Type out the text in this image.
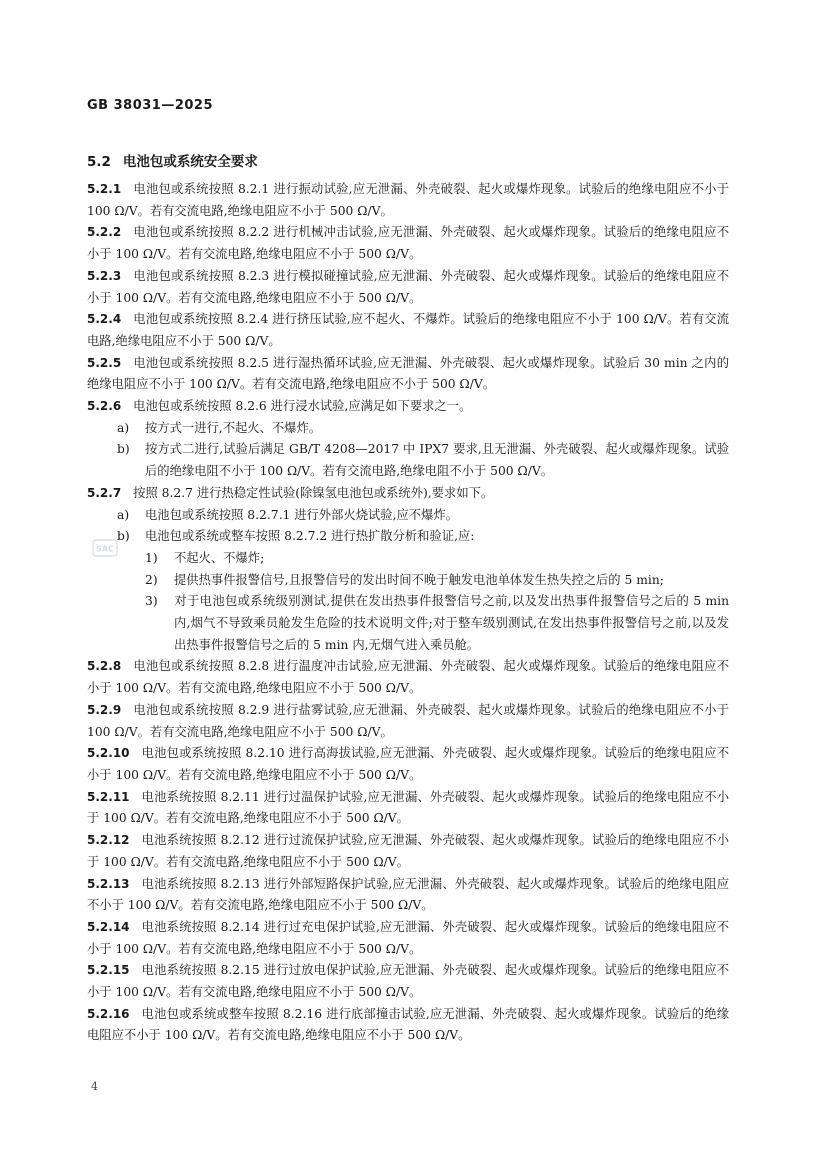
GB 38031—2025
5.2 电池包或系统安全要求
SAC

5.2.1 电池包或系统按照 8.2.1 进行振动试验,应无泄漏、外壳破裂、起火或爆炸现象。试验后的绝缘电阻应不小于 100 Ω/V。若有交流电路,绝缘电阻应不小于 500 Ω/V。

5.2.2 电池包或系统按照 8.2.2 进行机械冲击试验,应无泄漏、外壳破裂、起火或爆炸现象。试验后的绝缘电阻应不小于 100 Ω/V。若有交流电路,绝缘电阻应不小于 500 Ω/V。

5.2.3 电池包或系统按照 8.2.3 进行模拟碰撞试验,应无泄漏、外壳破裂、起火或爆炸现象。试验后的绝缘电阻应不小于 100 Ω/V。若有交流电路,绝缘电阻应不小于 500 Ω/V。

5.2.4 电池包或系统按照 8.2.4 进行挤压试验,应不起火、不爆炸。试验后的绝缘电阻应不小于 100 Ω/V。若有交流电路,绝缘电阻应不小于 500 Ω/V。

5.2.5 电池包或系统按照 8.2.5 进行湿热循环试验,应无泄漏、外壳破裂、起火或爆炸现象。试验后 30 min 之内的绝缘电阻应不小于 100 Ω/V。若有交流电路,绝缘电阻应不小于 500 Ω/V。

5.2.6 电池包或系统按照 8.2.6 进行浸水试验,应满足如下要求之一。

a) 按方式一进行,不起火、不爆炸。

b) 按方式二进行,试验后满足 GB/T 4208—2017 中 IPX7 要求,且无泄漏、外壳破裂、起火或爆炸现象。试验后的绝缘电阻不小于 100 Ω/V。若有交流电路,绝缘电阻不小于 500 Ω/V。

5.2.7 按照 8.2.7 进行热稳定性试验(除镍氢电池包或系统外),要求如下。

a) 电池包或系统按照 8.2.7.1 进行外部火烧试验,应不爆炸。

b) 电池包或系统或整车按照 8.2.7.2 进行热扩散分析和验证,应:

1) 不起火、不爆炸;

2) 提供热事件报警信号,且报警信号的发出时间不晚于触发电池单体发生热失控之后的 5 min;

3) 对于电池包或系统级别测试,提供在发出热事件报警信号之前,以及发出热事件报警信号之后的 5 min 内,烟气不导致乘员舱发生危险的技术说明文件;对于整车级别测试,在发出热事件报警信号之前,以及发出热事件报警信号之后的 5 min 内,无烟气进入乘员舱。

5.2.8 电池包或系统按照 8.2.8 进行温度冲击试验,应无泄漏、外壳破裂、起火或爆炸现象。试验后的绝缘电阻应不小于 100 Ω/V。若有交流电路,绝缘电阻应不小于 500 Ω/V。

5.2.9 电池包或系统按照 8.2.9 进行盐雾试验,应无泄漏、外壳破裂、起火或爆炸现象。试验后的绝缘电阻应不小于 100 Ω/V。若有交流电路,绝缘电阻应不小于 500 Ω/V。

5.2.10 电池包或系统按照 8.2.10 进行高海拔试验,应无泄漏、外壳破裂、起火或爆炸现象。试验后的绝缘电阻应不小于 100 Ω/V。若有交流电路,绝缘电阻应不小于 500 Ω/V。

5.2.11 电池系统按照 8.2.11 进行过温保护试验,应无泄漏、外壳破裂、起火或爆炸现象。试验后的绝缘电阻应不小于 100 Ω/V。若有交流电路,绝缘电阻应不小于 500 Ω/V。

5.2.12 电池系统按照 8.2.12 进行过流保护试验,应无泄漏、外壳破裂、起火或爆炸现象。试验后的绝缘电阻应不小于 100 Ω/V。若有交流电路,绝缘电阻应不小于 500 Ω/V。

5.2.13 电池系统按照 8.2.13 进行外部短路保护试验,应无泄漏、外壳破裂、起火或爆炸现象。试验后的绝缘电阻应不小于 100 Ω/V。若有交流电路,绝缘电阻应不小于 500 Ω/V。

5.2.14 电池系统按照 8.2.14 进行过充电保护试验,应无泄漏、外壳破裂、起火或爆炸现象。试验后的绝缘电阻应不小于 100 Ω/V。若有交流电路,绝缘电阻应不小于 500 Ω/V。

5.2.15 电池系统按照 8.2.15 进行过放电保护试验,应无泄漏、外壳破裂、起火或爆炸现象。试验后的绝缘电阻应不小于 100 Ω/V。若有交流电路,绝缘电阻应不小于 500 Ω/V。

5.2.16 电池包或系统或整车按照 8.2.16 进行底部撞击试验,应无泄漏、外壳破裂、起火或爆炸现象。试验后的绝缘电阻应不小于 100 Ω/V。若有交流电路,绝缘电阻应不小于 500 Ω/V。

4
